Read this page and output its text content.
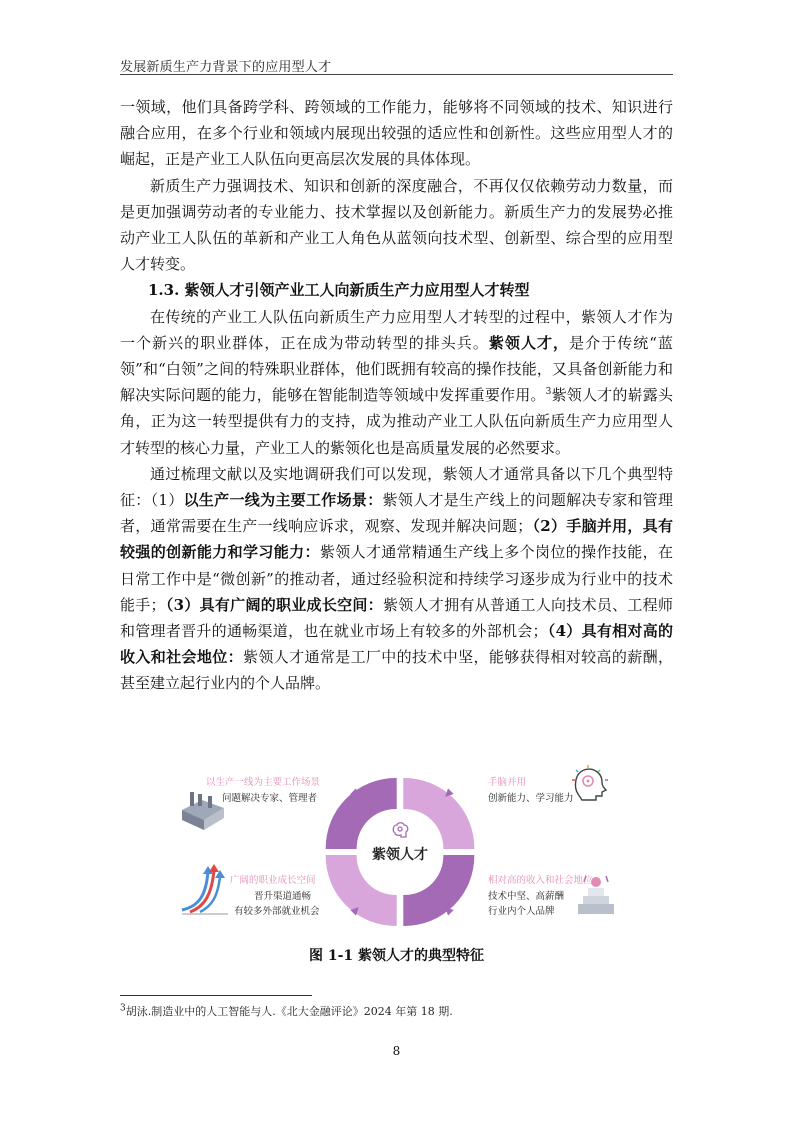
发展新质生产力背景下的应用型人才

一领域，他们具备跨学科、跨领域的工作能力，能够将不同领域的技术、知识进行融合应用，在多个行业和领域内展现出较强的适应性和创新性。这些应用型人才的崛起，正是产业工人队伍向更高层次发展的具体体现。

新质生产力强调技术、知识和创新的深度融合，不再仅仅依赖劳动力数量，而是更加强调劳动者的专业能力、技术掌握以及创新能力。新质生产力的发展势必推动产业工人队伍的革新和产业工人角色从蓝领向技术型、创新型、综合型的应用型人才转变。

1.3. 紫领人才引领产业工人向新质生产力应用型人才转型

在传统的产业工人队伍向新质生产力应用型人才转型的过程中，紫领人才作为一个新兴的职业群体，正在成为带动转型的排头兵。紫领人才，是介于传统“蓝领”和“白领”之间的特殊职业群体，他们既拥有较高的操作技能，又具备创新能力和解决实际问题的能力，能够在智能制造等领域中发挥重要作用。$^3$紫领人才的崭露头角，正为这一转型提供有力的支持，成为推动产业工人队伍向新质生产力应用型人才转型的核心力量，产业工人的紫领化也是高质量发展的必然要求。

通过梳理文献以及实地调研我们可以发现，紫领人才通常具备以下几个典型特征：（1）以生产一线为主要工作场景：紫领人才是生产线上的问题解决专家和管理者，通常需要在生产一线响应诉求，观察、发现并解决问题；（2）手脑并用，具有较强的创新能力和学习能力：紫领人才通常精通生产线上多个岗位的操作技能，在日常工作中是“微创新”的推动者，通过经验积淀和持续学习逐步成为行业中的技术能手；（3）具有广阔的职业成长空间：紫领人才拥有从普通工人向技术员、工程师和管理者晋升的通畅渠道，也在就业市场上有较多的外部机会；（4）具有相对高的收入和社会地位：紫领人才通常是工厂中的技术中坚，能够获得相对较高的薪酬，甚至建立起行业内的个人品牌。

紫领人才
以生产一线为主要工作场景
问题解决专家、管理者
手脑并用
创新能力、学习能力
广阔的职业成长空间
晋升渠道通畅
有较多外部就业机会
相对高的收入和社会地位
技术中坚、高薪酬
行业内个人品牌
图 1-1 紫领人才的典型特征
$^3$胡泳.制造业中的人工智能与人.《北大金融评论》2024 年第 18 期.
8
